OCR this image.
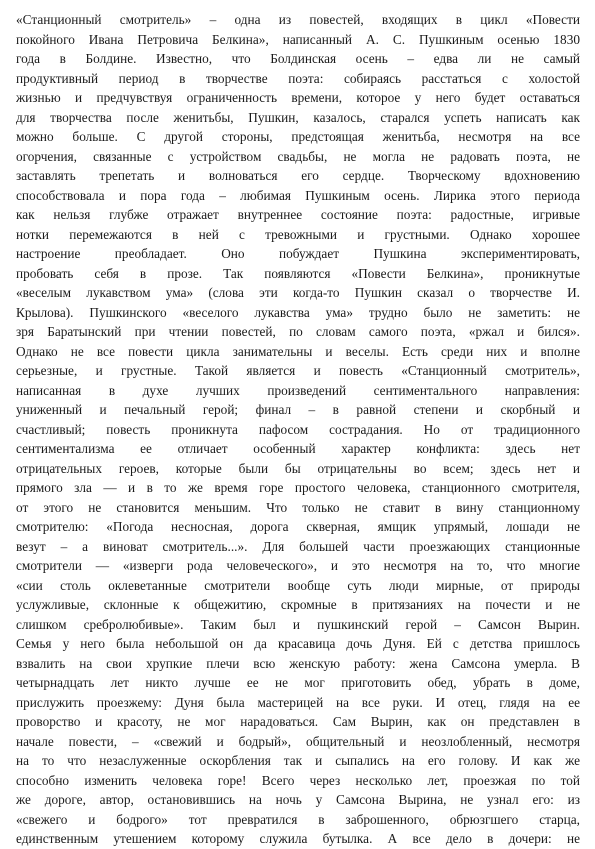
«Станционный смотритель» – одна из повестей, входящих в цикл «Повести
покойного Ивана Петровича Белкина», написанный А. С. Пушкиным осенью 1830
года в Болдине. Известно, что Болдинская осень – едва ли не самый
продуктивный период в творчестве поэта: собираясь расстаться с холостой
жизнью и предчувствуя ограниченность времени, которое у него будет оставаться
для творчества после женитьбы, Пушкин, казалось, старался успеть написать как
можно больше. С другой стороны, предстоящая женитьба, несмотря на все
огорчения, связанные с устройством свадьбы, не могла не радовать поэта, не
заставлять трепетать и волноваться его сердце. Творческому вдохновению
способствовала и пора года – любимая Пушкиным осень. Лирика этого периода
как нельзя глубже отражает внутреннее состояние поэта: радостные, игривые
нотки перемежаются в ней с тревожными и грустными. Однако хорошее
настроение преобладает. Оно побуждает Пушкина экспериментировать,
пробовать себя в прозе. Так появляются «Повести Белкина», проникнутые
«веселым лукавством ума» (слова эти когда-то Пушкин сказал о творчестве И.
Крылова). Пушкинского «веселого лукавства ума» трудно было не заметить: не
зря Баратынский при чтении повестей, по словам самого поэта, «ржал и бился».
Однако не все повести цикла занимательны и веселы. Есть среди них и вполне
серьезные, и грустные. Такой является и повесть «Станционный смотритель»,
написанная в духе лучших произведений сентиментального направления:
униженный и печальный герой; финал – в равной степени и скорбный и
счастливый; повесть проникнута пафосом сострадания. Но от традиционного
сентиментализма ее отличает особенный характер конфликта: здесь нет
отрицательных героев, которые были бы отрицательны во всем; здесь нет и
прямого зла — и в то же время горе простого человека, станционного смотрителя,
от этого не становится меньшим. Что только не ставит в вину станционному
смотрителю: «Погода несносная, дорога скверная, ямщик упрямый, лошади не
везут – а виноват смотритель...». Для большей части проезжающих станционные
смотрители — «изверги рода человеческого», и это несмотря на то, что многие
«сии столь оклеветанные смотрители вообще суть люди мирные, от природы
услужливые, склонные к общежитию, скромные в притязаниях на почести и не
слишком сребролюбивые». Таким был и пушкинский герой – Самсон Вырин.
Семья у него была небольшой он да красавица дочь Дуня. Ей с детства пришлось
взвалить на свои хрупкие плечи всю женскую работу: жена Самсона умерла. В
четырнадцать лет никто лучше ее не мог приготовить обед, убрать в доме,
прислужить проезжему: Дуня была мастерицей на все руки. И отец, глядя на ее
проворство и красоту, не мог нарадоваться. Сам Вырин, как он представлен в
начале повести, – «свежий и бодрый», общительный и неозлобленный, несмотря
на то что незаслуженные оскорбления так и сыпались на его голову. И как же
способно изменить человека горе! Всего через несколько лет, проезжая по той
же дороге, автор, остановившись на ночь у Самсона Вырина, не узнал его: из
«свежего и бодрого» тот превратился в заброшенного, обрюзгшего старца,
единственным утешением которому служила бутылка. А все дело в дочери: не
